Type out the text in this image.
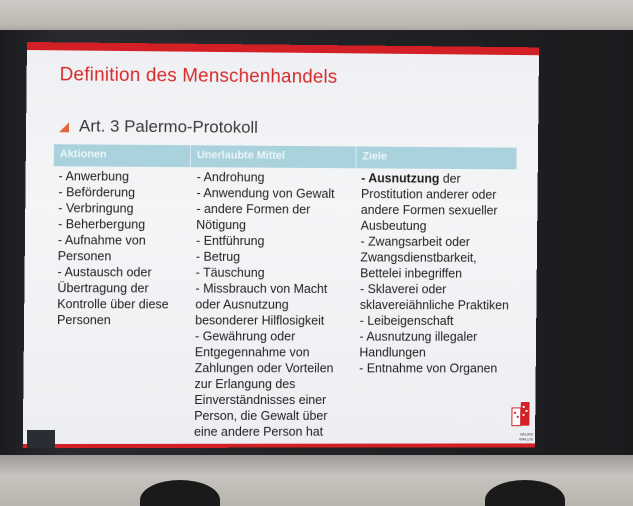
Definition des Menschenhandels
Art. 3 Palermo-Protokoll
Aktionen	Unerlaubte Mittel	Ziele

- Anwerbung

- Beförderung

- Verbringung

- Beherbergung

- Aufnahme von

Personen

- Austausch oder

Übertragung der

Kontrolle über diese

Personen

- Androhung

- Anwendung von Gewalt

- andere Formen der

Nötigung

- Entführung

- Betrug

- Täuschung

- Missbrauch von Macht

oder Ausnutzung

besonderer Hilflosigkeit

- Gewährung oder

Entgegennahme von

Zahlungen oder Vorteilen

zur Erlangung des

Einverständnisses einer

Person, die Gewalt über

eine andere Person hat

- Ausnutzung der

Prostitution anderer oder

andere Formen sexueller

Ausbeutung

- Zwangsarbeit oder

Zwangsdienstbarkeit,

Bettelei inbegriffen

- Sklaverei oder

sklavereiähnliche Praktiken

- Leibeigenschaft

- Ausnutzung illegaler

Handlungen

- Entnahme von Organen

VALAIS
WALLIS
